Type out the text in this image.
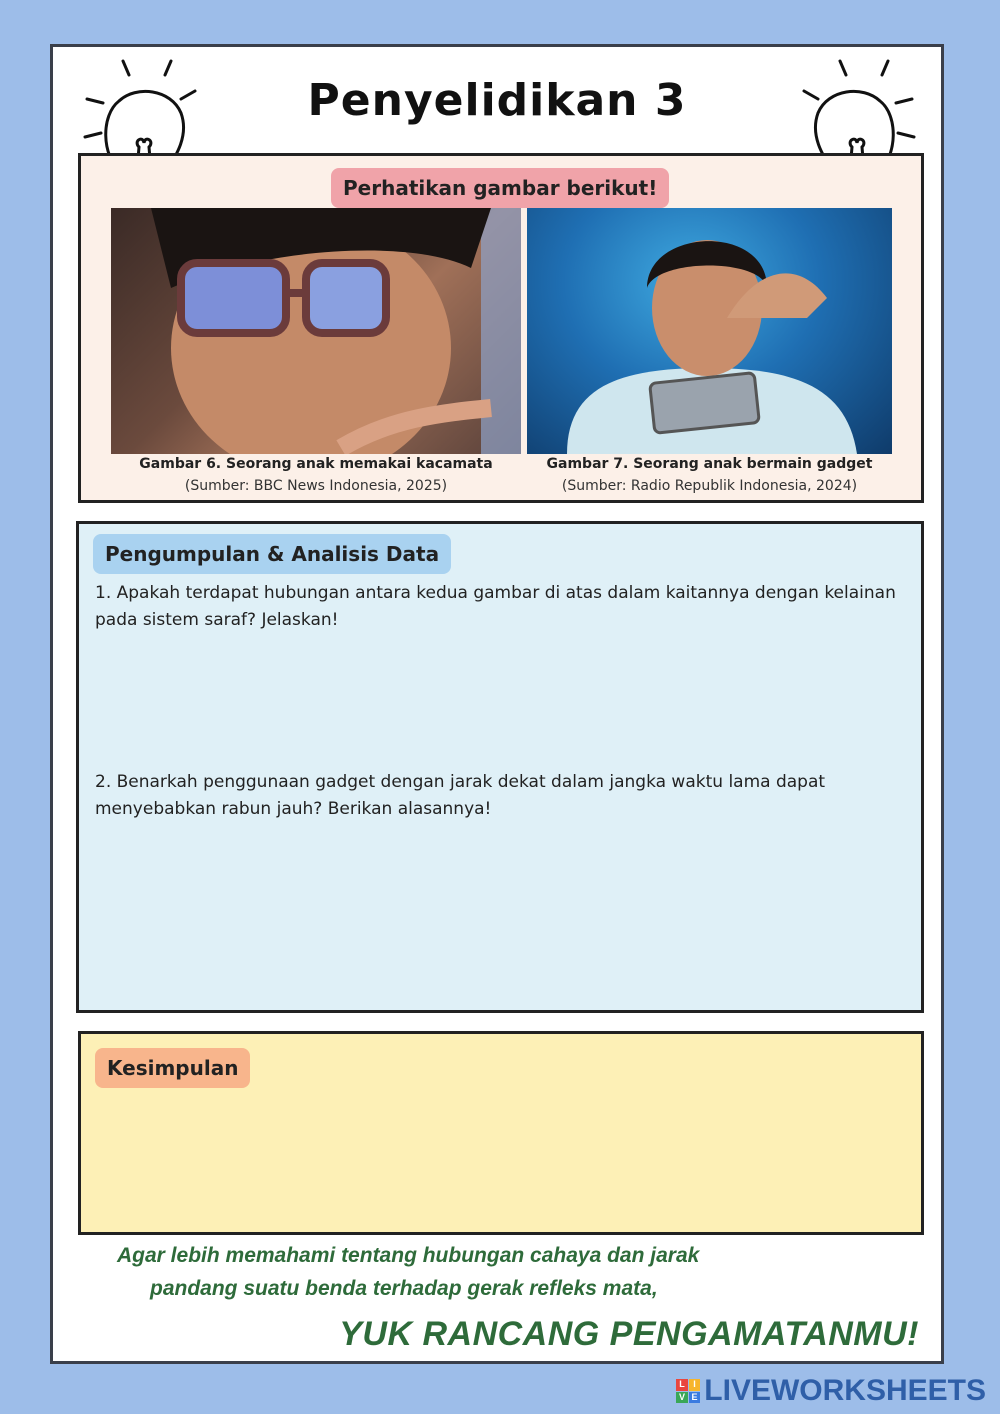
Penyelidikan 3
Perhatikan gambar berikut!
Gambar 6. Seorang anak memakai kacamata
(Sumber: BBC News Indonesia, 2025)
Gambar 7. Seorang anak bermain gadget
(Sumber: Radio Republik Indonesia, 2024)
Pengumpulan & Analisis Data
1. Apakah terdapat hubungan antara kedua gambar di atas dalam kaitannya dengan kelainan pada sistem saraf? Jelaskan!
2. Benarkah penggunaan gadget dengan jarak dekat dalam jangka waktu lama dapat menyebabkan rabun jauh? Berikan alasannya!
Kesimpulan
Agar lebih memahami tentang hubungan cahaya dan jarak
pandang suatu benda terhadap gerak refleks mata,
YUK RANCANG PENGAMATANMU!
L I
V E LIVEWORKSHEETS
